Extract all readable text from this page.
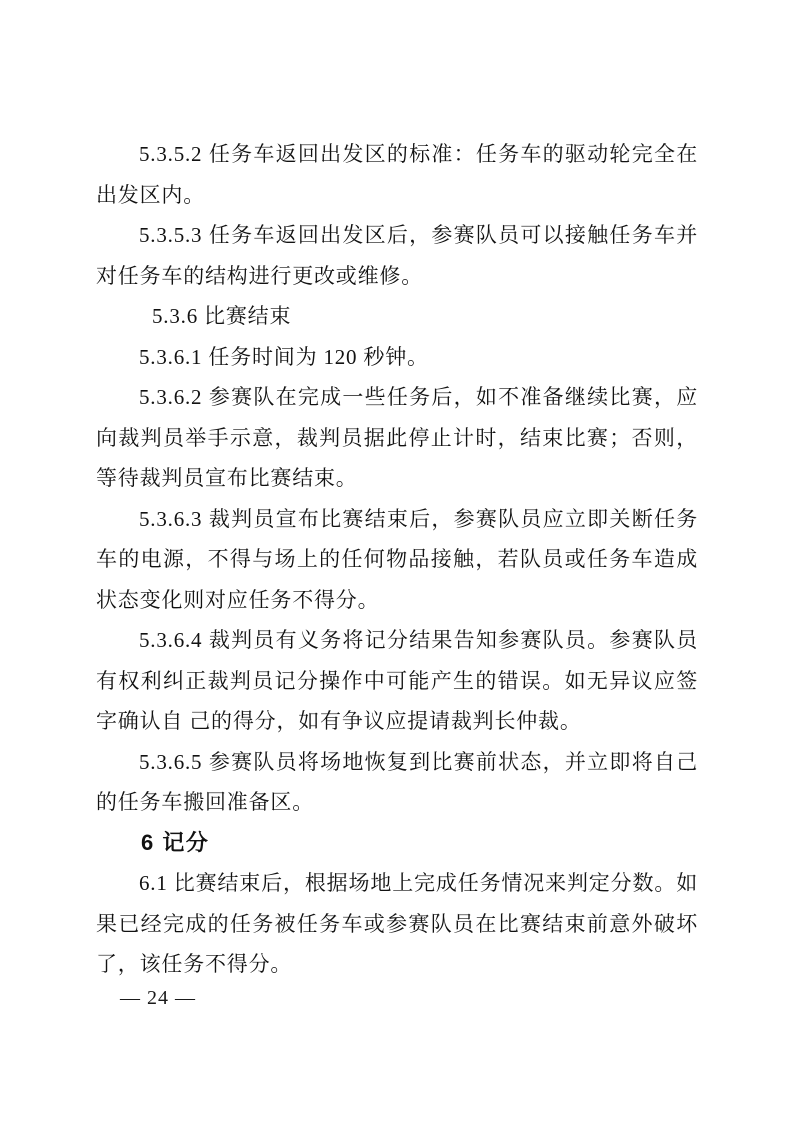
5.3.5.2 任务车返回出发区的标准：任务车的驱动轮完全在出发区内。

5.3.5.3 任务车返回出发区后，参赛队员可以接触任务车并对任务车的结构进行更改或维修。

5.3.6 比赛结束

5.3.6.1 任务时间为 120 秒钟。

5.3.6.2 参赛队在完成一些任务后，如不准备继续比赛，应向裁判员举手示意，裁判员据此停止计时，结束比赛；否则，等待裁判员宣布比赛结束。

5.3.6.3 裁判员宣布比赛结束后，参赛队员应立即关断任务车的电源，不得与场上的任何物品接触，若队员或任务车造成状态变化则对应任务不得分。

5.3.6.4 裁判员有义务将记分结果告知参赛队员。参赛队员有权利纠正裁判员记分操作中可能产生的错误。如无异议应签字确认自 己的得分，如有争议应提请裁判长仲裁。

5.3.6.5 参赛队员将场地恢复到比赛前状态，并立即将自己的任务车搬回准备区。

6 记分

6.1 比赛结束后，根据场地上完成任务情况来判定分数。如果已经完成的任务被任务车或参赛队员在比赛结束前意外破坏了，该任务不得分。

— 24 —
